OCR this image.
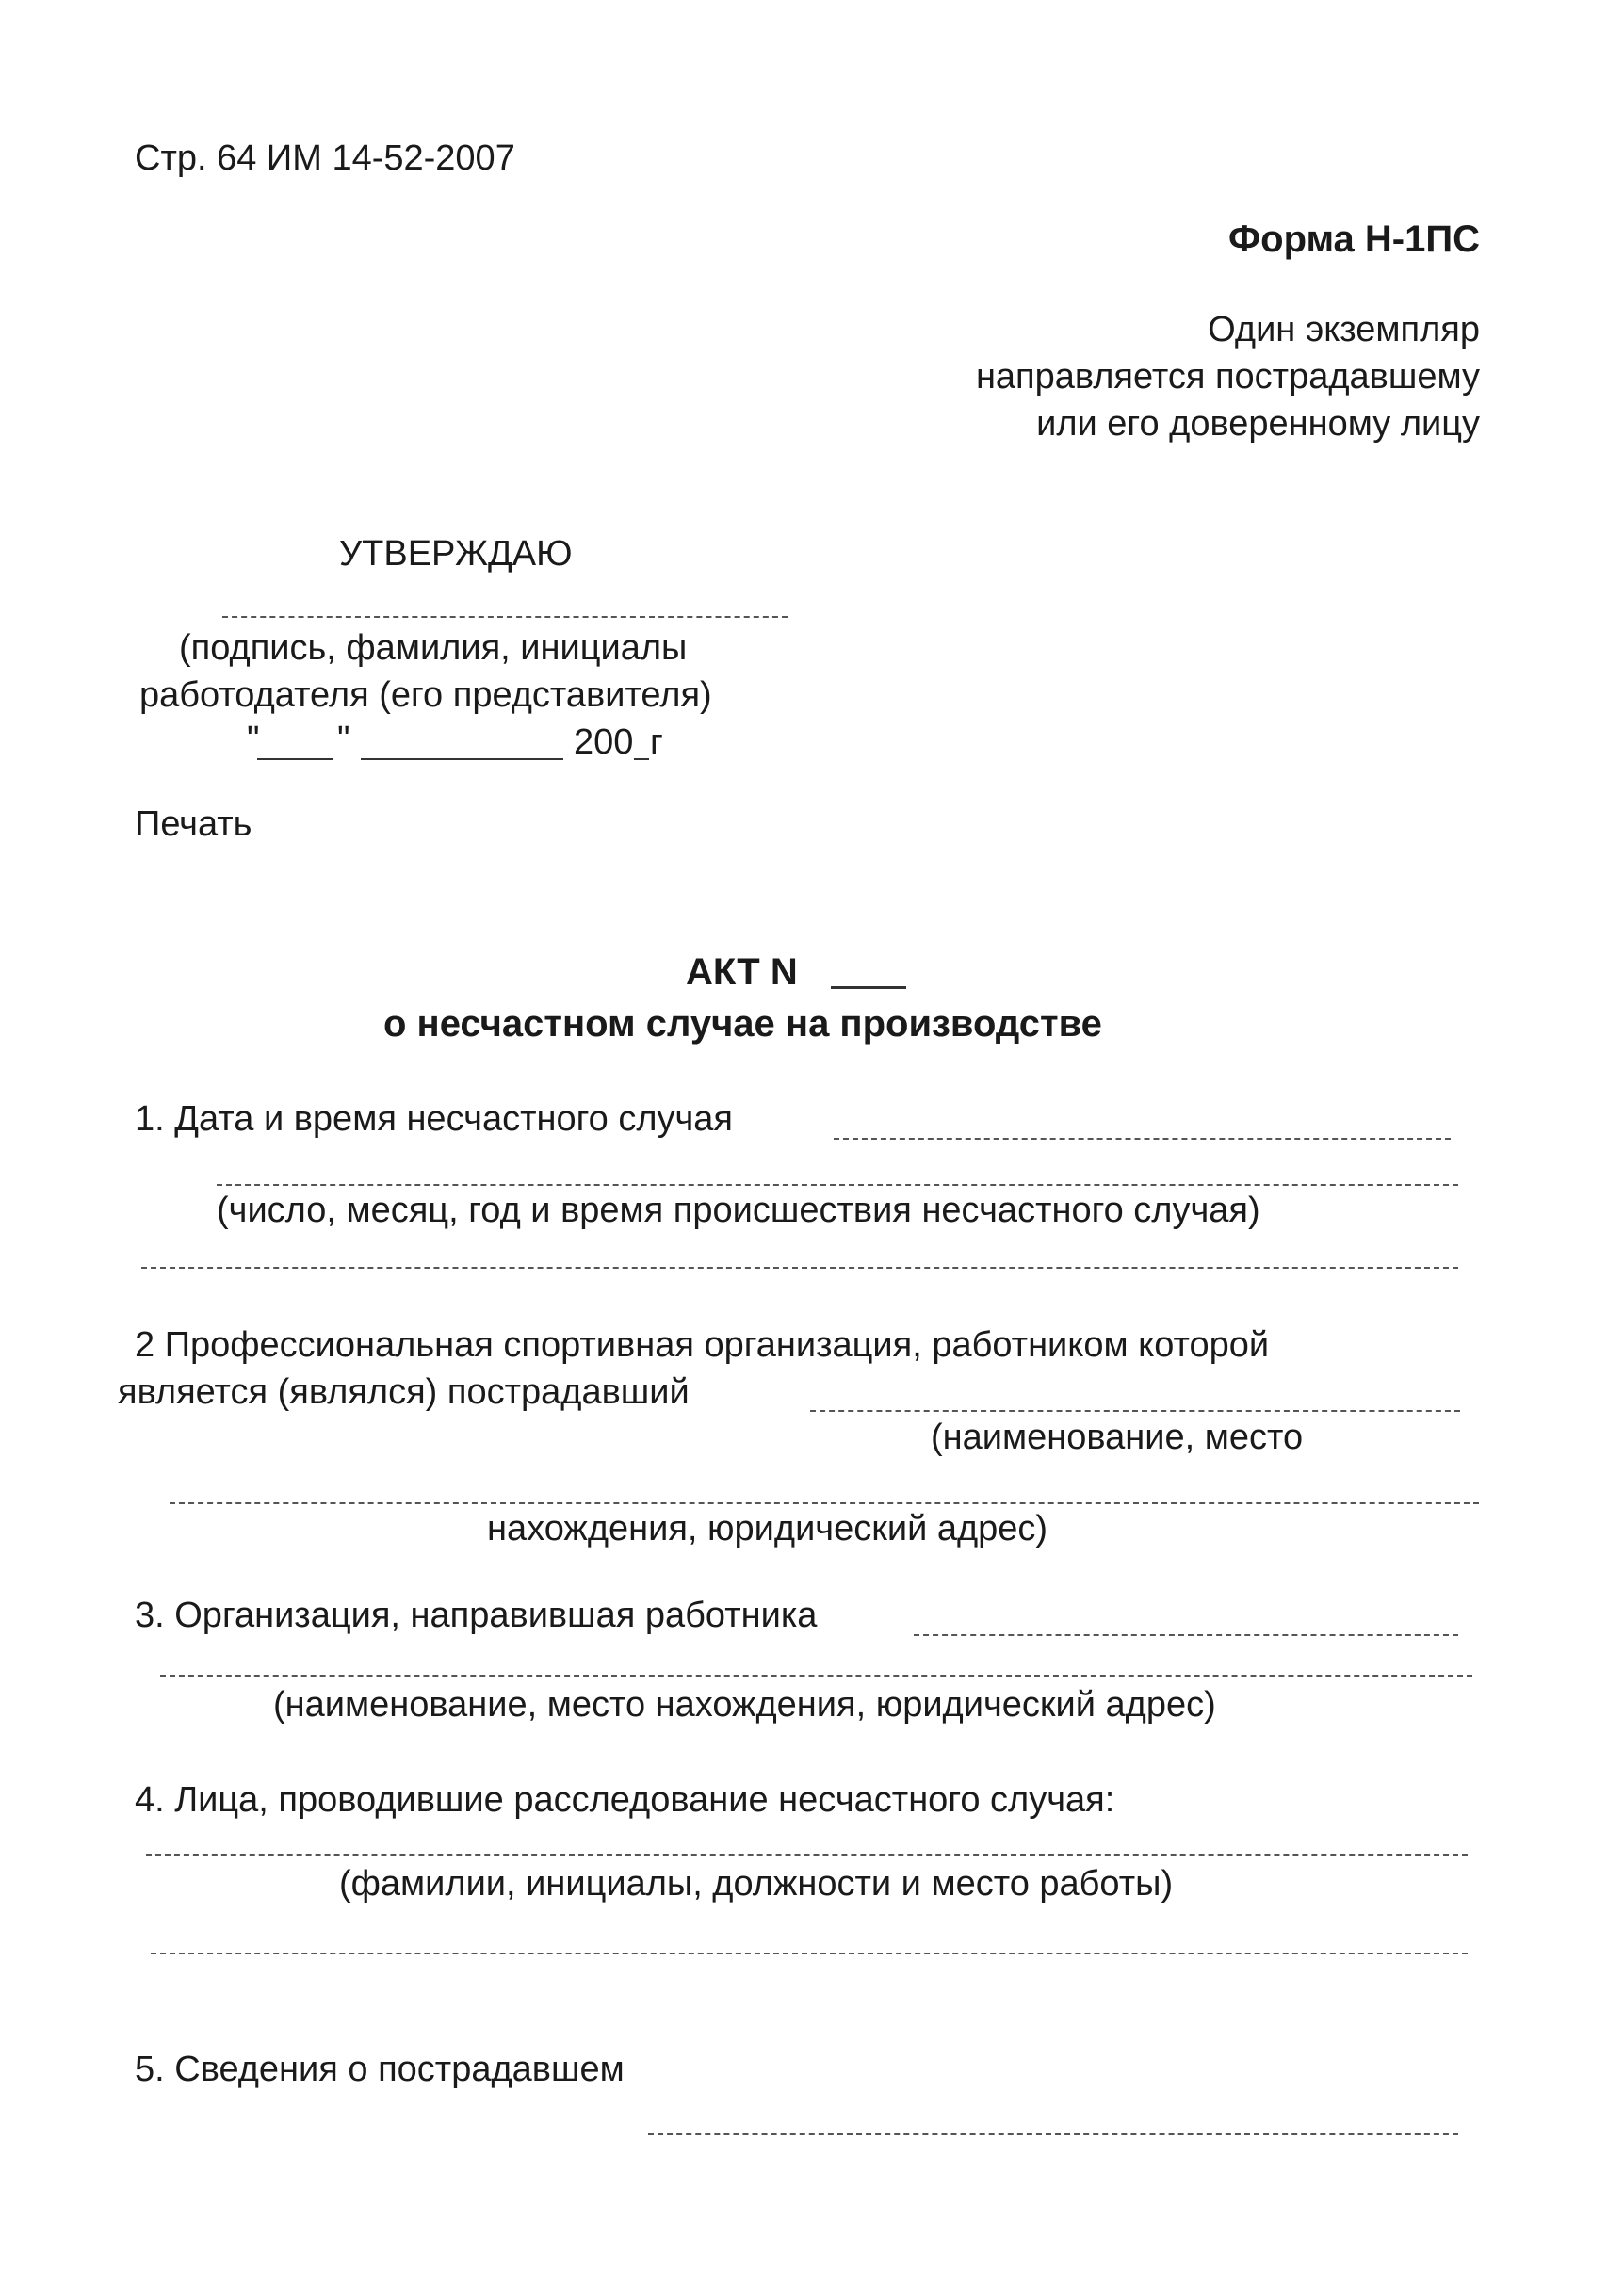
Стр. 64 ИМ 14-52-2007
Форма Н-1ПС
Один экземпляр
направляется пострадавшему
или его доверенному лицу
УТВЕРЖДАЮ
(подпись, фамилия, инициалы
работодателя (его представителя)
" "	200 г
Печать
АКТ N
о несчастном случае на производстве
1. Дата и время несчастного случая
(число, месяц, год и время происшествия несчастного случая)
2 Профессиональная спортивная организация, работником которой
является (являлся) пострадавший
(наименование, место
нахождения, юридический адрес)
3. Организация, направившая работника
(наименование, место нахождения, юридический адрес)
4. Лица, проводившие расследование несчастного случая:
(фамилии, инициалы, должности и место работы)
5. Сведения о пострадавшем
